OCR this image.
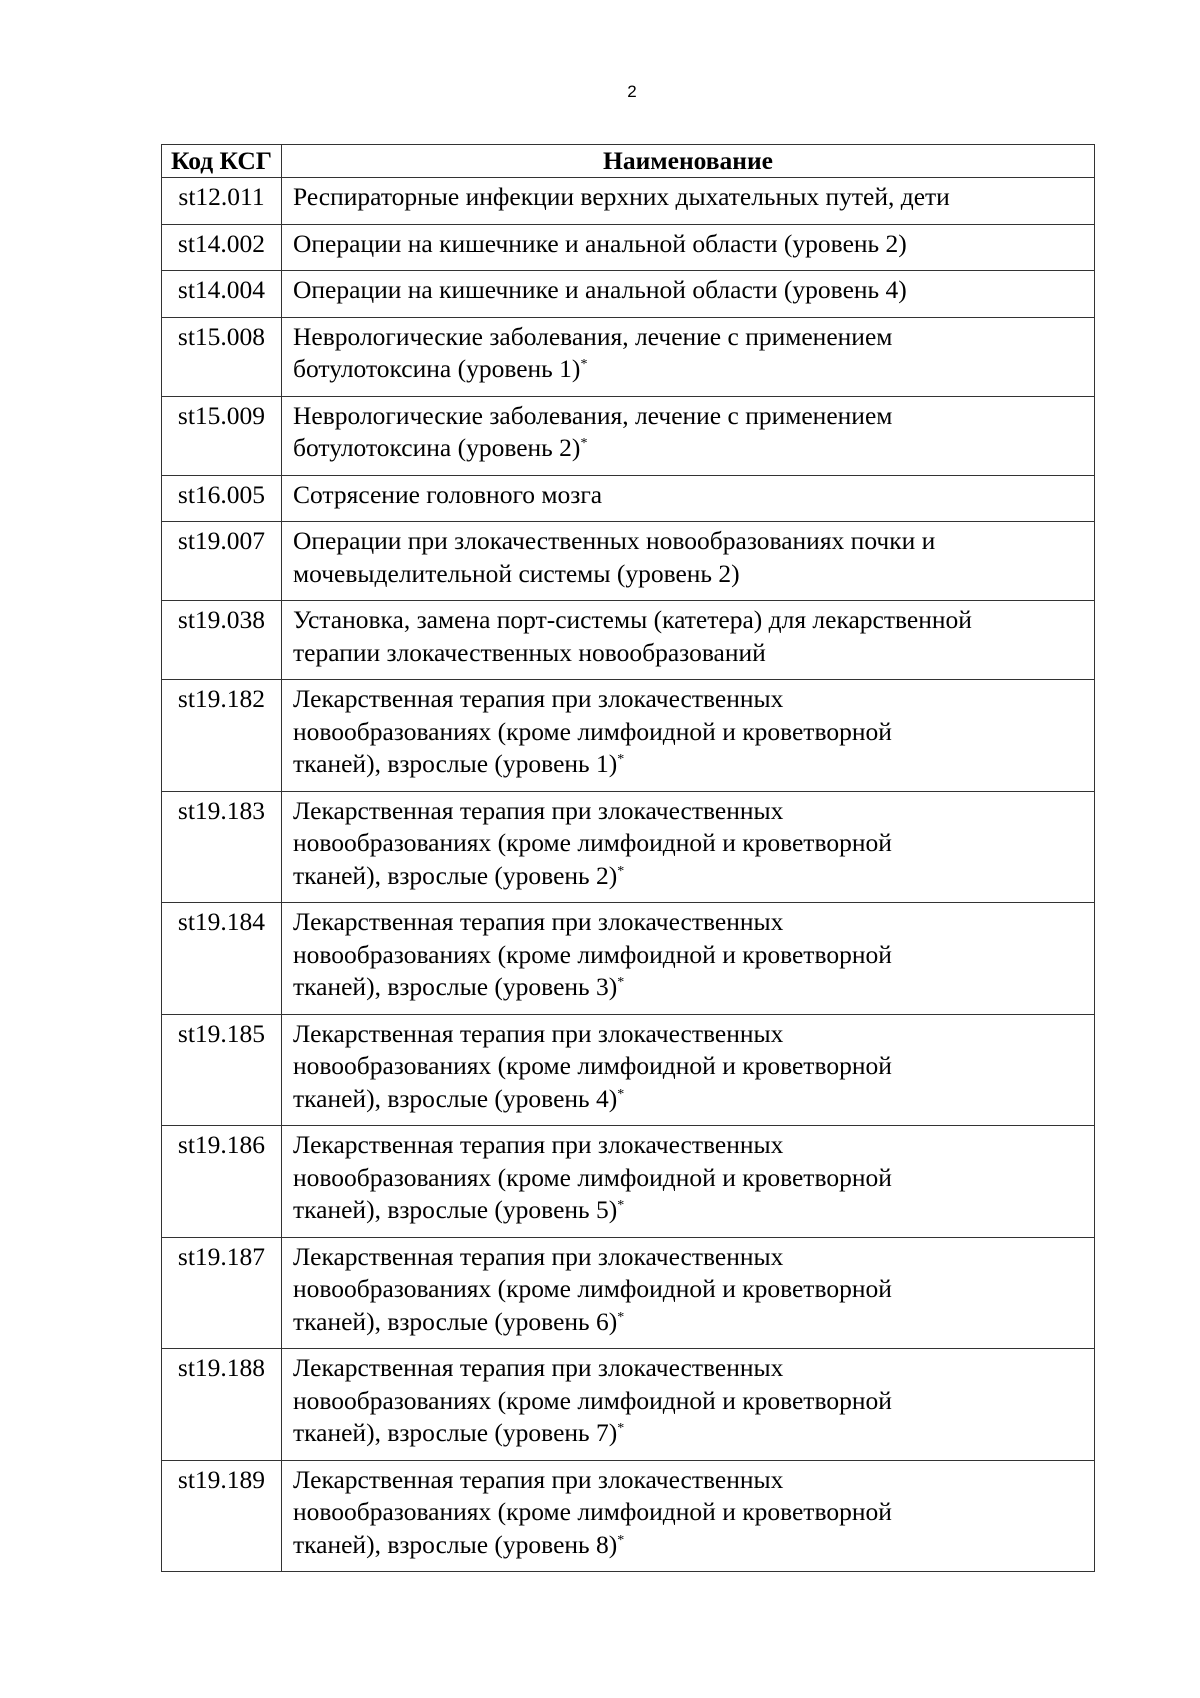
2
Код КСГ	Наименование
st12.011	Респираторные инфекции верхних дыхательных путей, дети

st14.002	Операции на кишечнике и анальной области (уровень 2)

st14.004	Операции на кишечнике и анальной области (уровень 4)

st15.008	Неврологические заболевания, лечение с применением
ботулотоксина (уровень 1)*

st15.009	Неврологические заболевания, лечение с применением
ботулотоксина (уровень 2)*

st16.005	Сотрясение головного мозга

st19.007	Операции при злокачественных новообразованиях почки и
мочевыделительной системы (уровень 2)

st19.038	Установка, замена порт-системы (катетера) для лекарственной
терапии злокачественных новообразований

st19.182	Лекарственная терапия при злокачественных
новообразованиях (кроме лимфоидной и кроветворной
тканей), взрослые (уровень 1)*

st19.183	Лекарственная терапия при злокачественных
новообразованиях (кроме лимфоидной и кроветворной
тканей), взрослые (уровень 2)*

st19.184	Лекарственная терапия при злокачественных
новообразованиях (кроме лимфоидной и кроветворной
тканей), взрослые (уровень 3)*

st19.185	Лекарственная терапия при злокачественных
новообразованиях (кроме лимфоидной и кроветворной
тканей), взрослые (уровень 4)*

st19.186	Лекарственная терапия при злокачественных
новообразованиях (кроме лимфоидной и кроветворной
тканей), взрослые (уровень 5)*

st19.187	Лекарственная терапия при злокачественных
новообразованиях (кроме лимфоидной и кроветворной
тканей), взрослые (уровень 6)*

st19.188	Лекарственная терапия при злокачественных
новообразованиях (кроме лимфоидной и кроветворной
тканей), взрослые (уровень 7)*

st19.189	Лекарственная терапия при злокачественных
новообразованиях (кроме лимфоидной и кроветворной
тканей), взрослые (уровень 8)*
